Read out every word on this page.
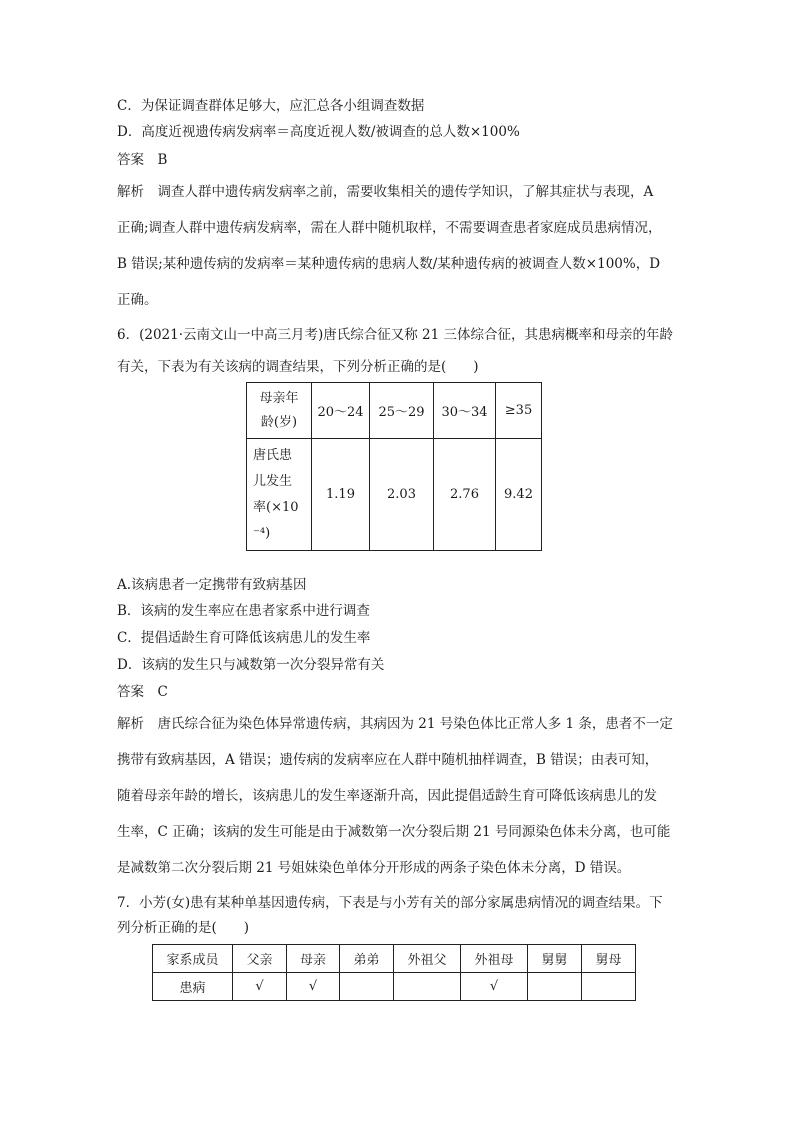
C．为保证调查群体足够大，应汇总各小组调查数据
D．高度近视遗传病发病率＝高度近视人数/被调查的总人数×100%
答案　 B
解析　 调查人群中遗传病发病率之前，需要收集相关的遗传学知识，了解其症状与表现，A
正确;调查人群中遗传病发病率，需在人群中随机取样，不需要调查患者家庭成员患病情况，
B 错误;某种遗传病的发病率＝某种遗传病的患病人数/某种遗传病的被调查人数×100%，D
正确。
6．(2021·云南文山一中高三月考)唐氏综合征又称 21 三体综合征，其患病概率和母亲的年龄
有关，下表为有关该病的调查结果，下列分析正确的是(　　)
母亲年
龄(岁)	20～24	25～29	30～34	≥35

唐氏患
儿发生
率(×10
⁻⁴)	1.19	2.03	2.76	9.42
A.该病患者一定携带有致病基因
B．该病的发生率应在患者家系中进行调查
C．提倡适龄生育可降低该病患儿的发生率
D．该病的发生只与减数第一次分裂异常有关
答案　 C
解析　 唐氏综合征为染色体异常遗传病，其病因为 21 号染色体比正常人多 1 条，患者不一定
携带有致病基因，A 错误；遗传病的发病率应在人群中随机抽样调查，B 错误；由表可知，
随着母亲年龄的增长，该病患儿的发生率逐渐升高，因此提倡适龄生育可降低该病患儿的发
生率，C 正确；该病的发生可能是由于减数第一次分裂后期 21 号同源染色体未分离，也可能
是减数第二次分裂后期 21 号姐妹染色单体分开形成的两条子染色体未分离，D 错误。
7．小芳(女)患有某种单基因遗传病，下表是与小芳有关的部分家属患病情况的调查结果。下
列分析正确的是(　　)
家系成员	父亲	母亲	弟弟	外祖父	外祖母	舅舅	舅母
患病	√	√			√		
